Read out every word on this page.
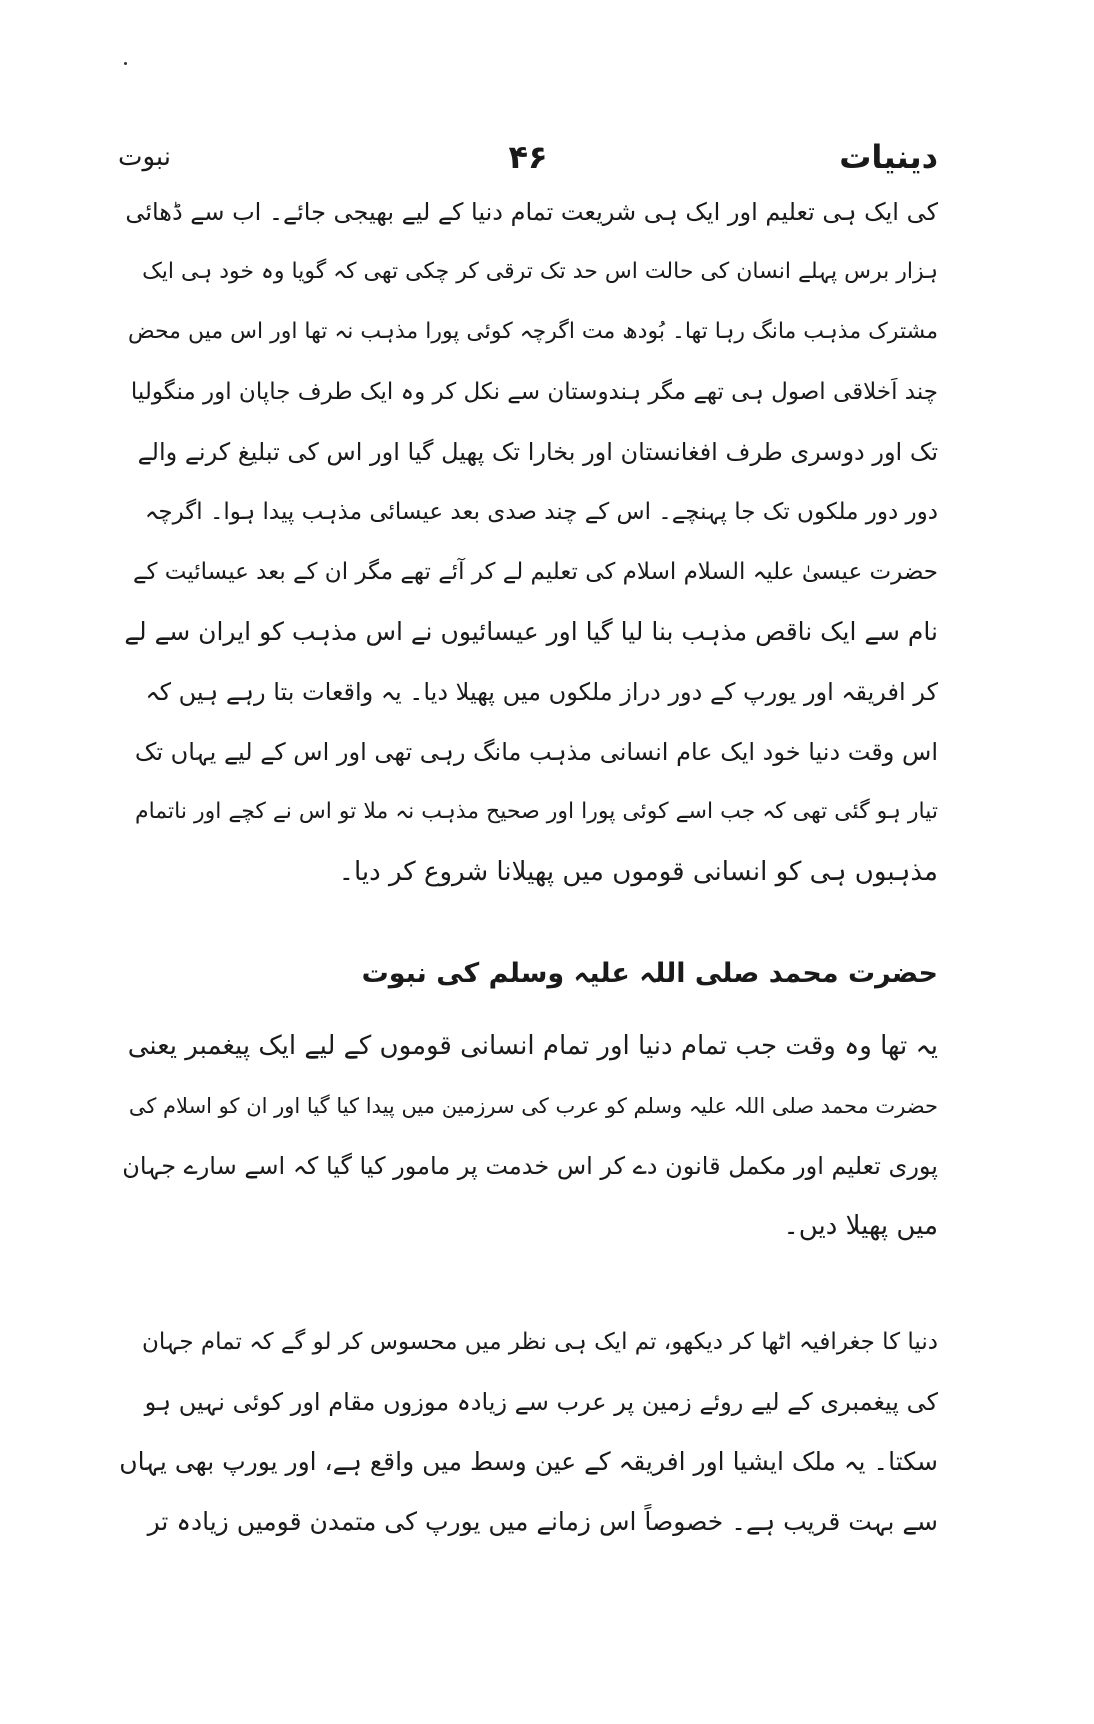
دینیات
۴۶
نبوت
کی ایک ہی تعلیم اور ایک ہی شریعت تمام دنیا کے لیے بھیجی جائے۔ اب سے ڈھائی
ہزار برس پہلے انسان کی حالت اس حد تک ترقی کر چکی تھی کہ گویا وہ خود ہی ایک
مشترک مذہب مانگ رہا تھا۔ بُودھ مت اگرچہ کوئی پورا مذہب نہ تھا اور اس میں محض
چند اَخلاقی اصول ہی تھے مگر ہندوستان سے نکل کر وہ ایک طرف جاپان اور منگولیا
تک اور دوسری طرف افغانستان اور بخارا تک پھیل گیا اور اس کی تبلیغ کرنے والے
دور دور ملکوں تک جا پہنچے۔ اس کے چند صدی بعد عیسائی مذہب پیدا ہوا۔ اگرچہ
حضرت عیسیٰ علیہ السلام اسلام کی تعلیم لے کر آئے تھے مگر ان کے بعد عیسائیت کے
نام سے ایک ناقص مذہب بنا لیا گیا اور عیسائیوں نے اس مذہب کو ایران سے لے
کر افریقہ اور یورپ کے دور دراز ملکوں میں پھیلا دیا۔ یہ واقعات بتا رہے ہیں کہ
اس وقت دنیا خود ایک عام انسانی مذہب مانگ رہی تھی اور اس کے لیے یہاں تک
تیار ہو گئی تھی کہ جب اسے کوئی پورا اور صحیح مذہب نہ ملا تو اس نے کچے اور ناتمام
مذہبوں ہی کو انسانی قوموں میں پھیلانا شروع کر دیا۔
حضرت محمد صلی اللہ علیہ وسلم کی نبوت
یہ تھا وہ وقت جب تمام دنیا اور تمام انسانی قوموں کے لیے ایک پیغمبر یعنی
حضرت محمد صلی اللہ علیہ وسلم کو عرب کی سرزمین میں پیدا کیا گیا اور ان کو اسلام کی
پوری تعلیم اور مکمل قانون دے کر اس خدمت پر مامور کیا گیا کہ اسے سارے جہان
میں پھیلا دیں۔
دنیا کا جغرافیہ اٹھا کر دیکھو، تم ایک ہی نظر میں محسوس کر لو گے کہ تمام جہان
کی پیغمبری کے لیے روئے زمین پر عرب سے زیادہ موزوں مقام اور کوئی نہیں ہو
سکتا۔ یہ ملک ایشیا اور افریقہ کے عین وسط میں واقع ہے، اور یورپ بھی یہاں
سے بہت قریب ہے۔ خصوصاً اس زمانے میں یورپ کی متمدن قومیں زیادہ تر
